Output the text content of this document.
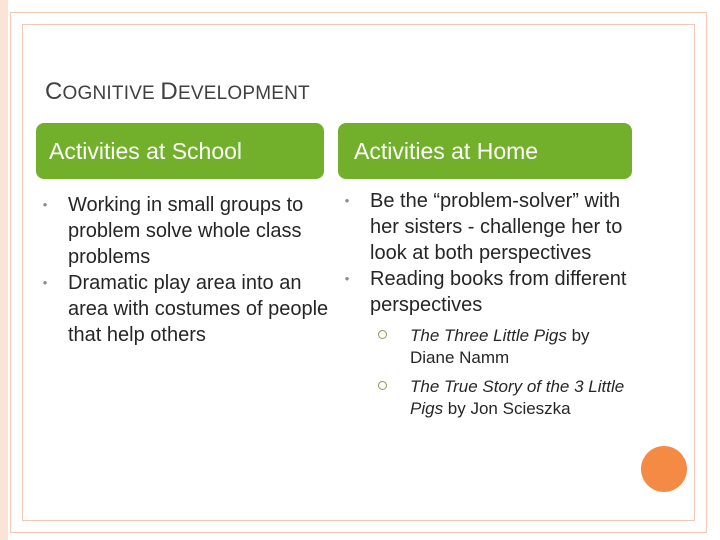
COGNITIVE DEVELOPMENT
Activities at School	Activities at Home

•	Working in small groups to problem solve whole class problems

•	Dramatic play area into an area with costumes of people that help others

•	Be the “problem-solver” with her sisters - challenge her to look at both perspectives

•	Reading books from different perspectives

The Three Little Pigs by Diane Namm
The True Story of the 3 Little Pigs by Jon Scieszka
